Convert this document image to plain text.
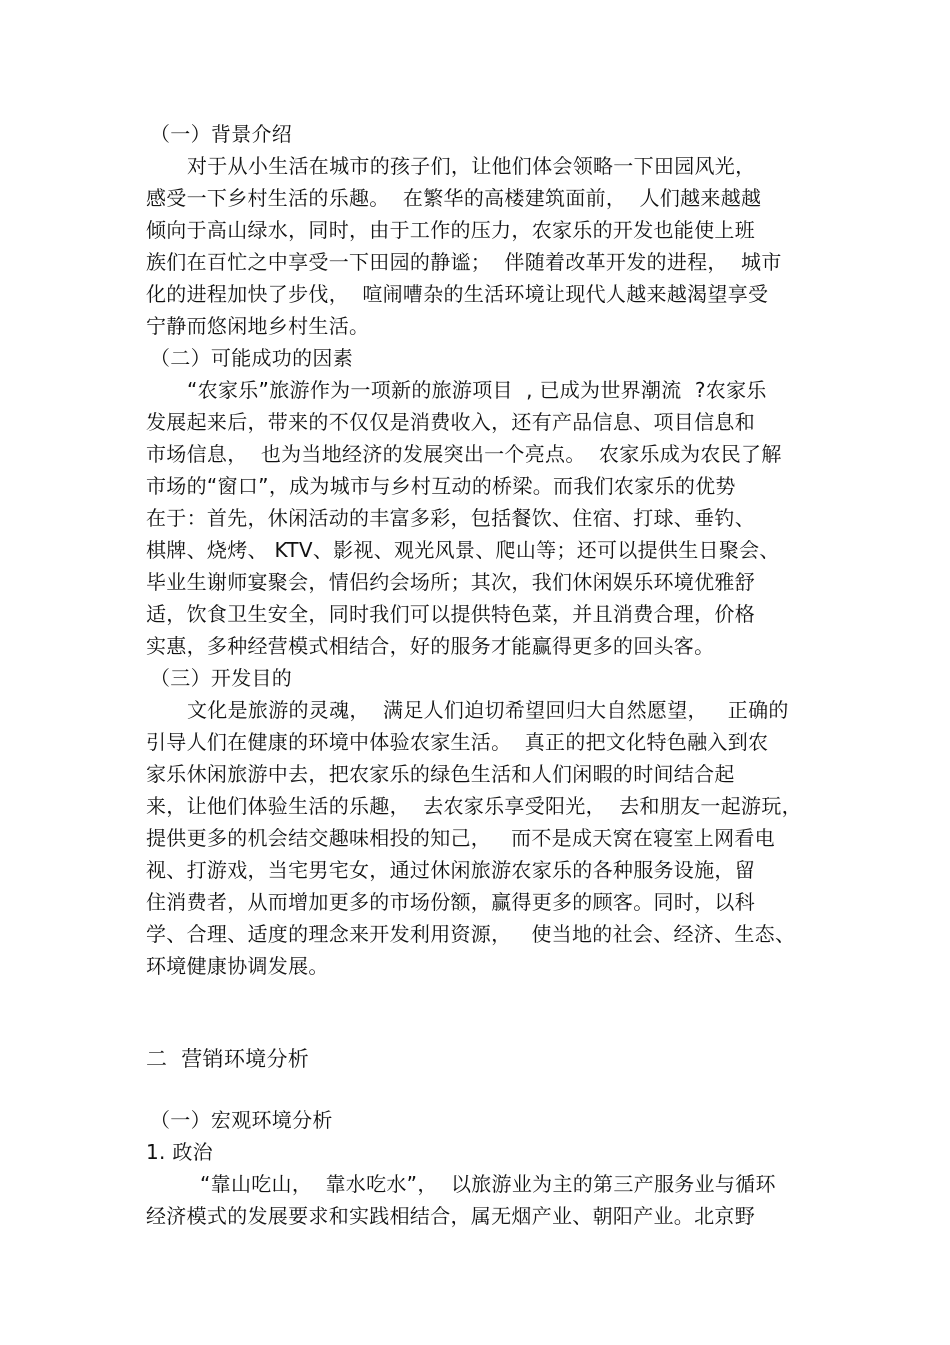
（一）背景介绍
对于从小生活在城市的孩子们，让他们体会领略一下田园风光，
感受一下乡村生活的乐趣。  在繁华的高楼建筑面前，  人们越来越越
倾向于高山绿水，同时，由于工作的压力，农家乐的开发也能使上班
族们在百忙之中享受一下田园的静谧；  伴随着改革开发的进程，  城市
化的进程加快了步伐，  喧闹嘈杂的生活环境让现代人越来越渴望享受
宁静而悠闲地乡村生活。
（二）可能成功的因素
“农家乐”旅游作为一项新的旅游项目  , 已成为世界潮流  ?农家乐
发展起来后，带来的不仅仅是消费收入，还有产品信息、项目信息和
市场信息，  也为当地经济的发展突出一个亮点。  农家乐成为农民了解
市场的“窗口”，成为城市与乡村互动的桥梁。而我们农家乐的优势
在于：首先，休闲活动的丰富多彩，包括餐饮、住宿、打球、垂钓、
棋牌、烧烤、 KTV、影视、观光风景、爬山等；还可以提供生日聚会、
毕业生谢师宴聚会，情侣约会场所；其次，我们休闲娱乐环境优雅舒
适，饮食卫生安全，同时我们可以提供特色菜，并且消费合理，价格
实惠，多种经营模式相结合，好的服务才能赢得更多的回头客。
（三）开发目的
文化是旅游的灵魂，  满足人们迫切希望回归大自然愿望，   正确的
引导人们在健康的环境中体验农家生活。  真正的把文化特色融入到农
家乐休闲旅游中去，把农家乐的绿色生活和人们闲暇的时间结合起
来，让他们体验生活的乐趣，  去农家乐享受阳光，  去和朋友一起游玩，
提供更多的机会结交趣味相投的知己，   而不是成天窝在寝室上网看电
视、打游戏，当宅男宅女，通过休闲旅游农家乐的各种服务设施，留
住消费者，从而增加更多的市场份额，赢得更多的顾客。同时，以科
学、合理、适度的理念来开发利用资源，   使当地的社会、经济、生态、
环境健康协调发展。
二  营销环境分析
（一）宏观环境分析
1. 政治
“靠山吃山，  靠水吃水”，  以旅游业为主的第三产服务业与循环
经济模式的发展要求和实践相结合，属无烟产业、朝阳产业。北京野
